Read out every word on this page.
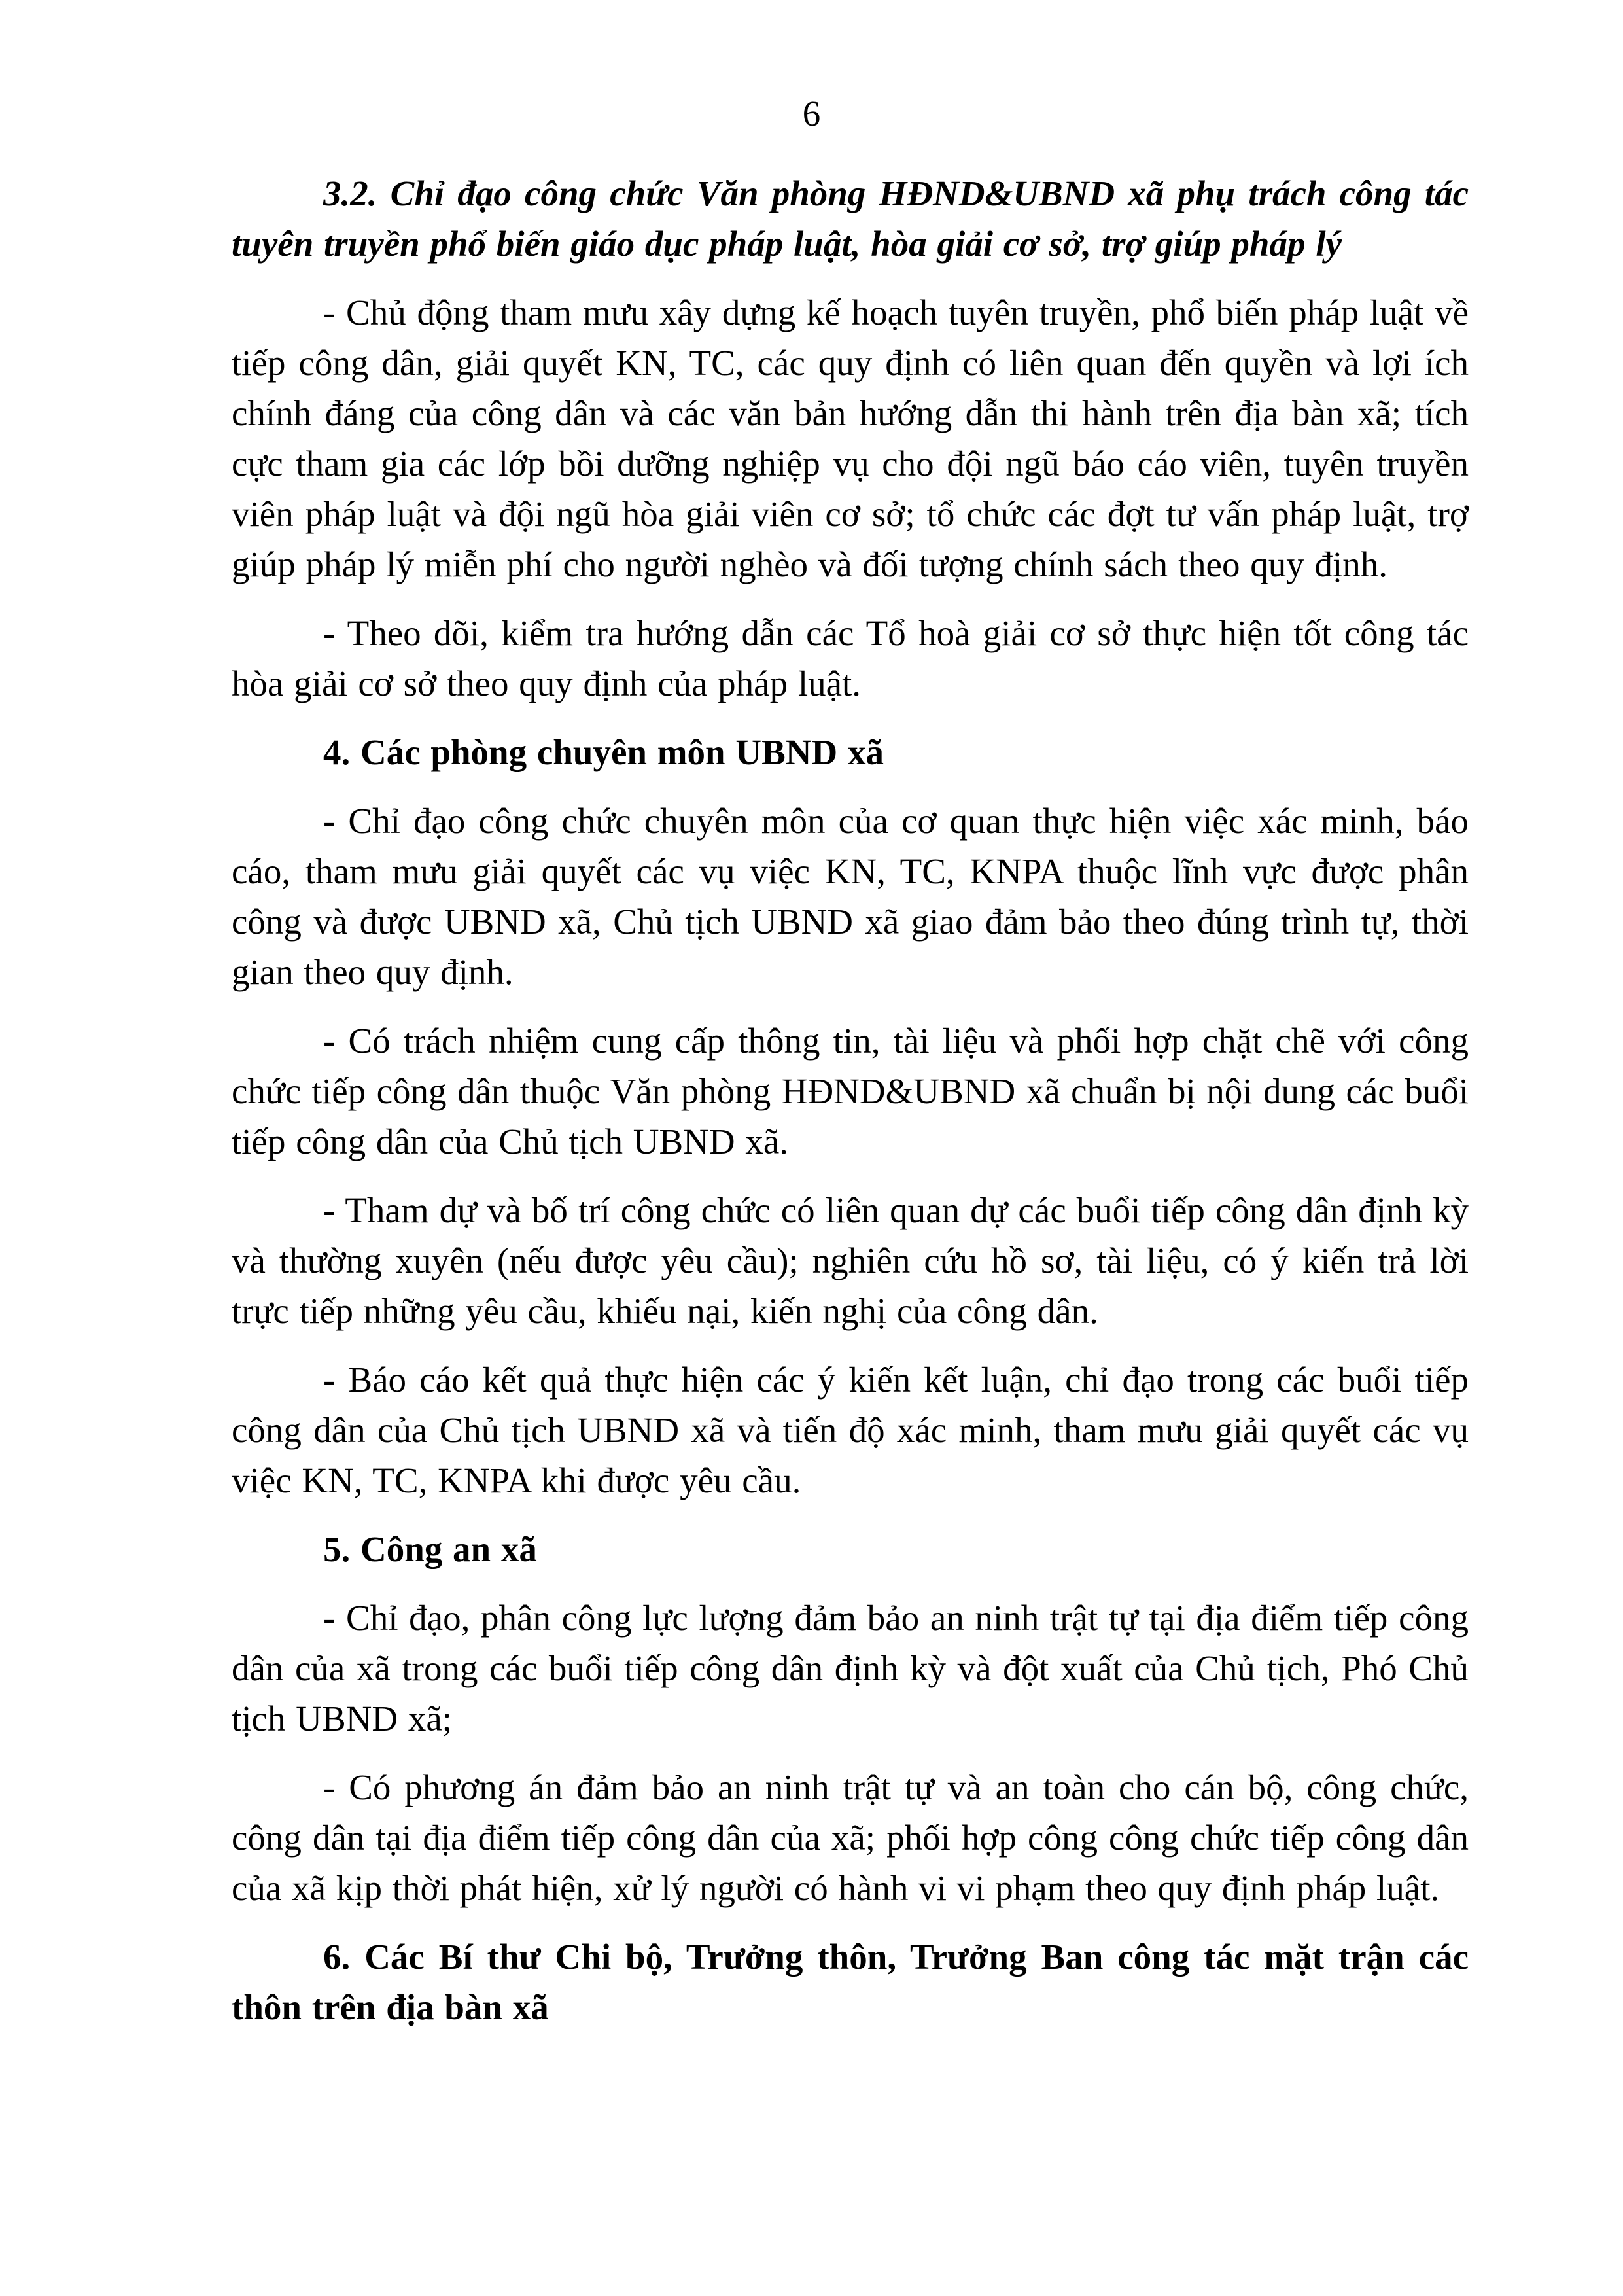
6

3.2. Chỉ đạo công chức Văn phòng HĐND&UBND xã phụ trách công tác tuyên truyền phổ biến giáo dục pháp luật, hòa giải cơ sở, trợ giúp pháp lý

- Chủ động tham mưu xây dựng kế hoạch tuyên truyền, phổ biến pháp luật về tiếp công dân, giải quyết KN, TC, các quy định có liên quan đến quyền và lợi ích chính đáng của công dân và các văn bản hướng dẫn thi hành trên địa bàn xã; tích cực tham gia các lớp bồi dưỡng nghiệp vụ cho đội ngũ báo cáo viên, tuyên truyền viên pháp luật và đội ngũ hòa giải viên cơ sở; tổ chức các đợt tư vấn pháp luật, trợ giúp pháp lý miễn phí cho người nghèo và đối tượng chính sách theo quy định.

- Theo dõi, kiểm tra hướng dẫn các Tổ hoà giải cơ sở thực hiện tốt công tác hòa giải cơ sở theo quy định của pháp luật.

4. Các phòng chuyên môn UBND xã

- Chỉ đạo công chức chuyên môn của cơ quan thực hiện việc xác minh, báo cáo, tham mưu giải quyết các vụ việc KN, TC, KNPA thuộc lĩnh vực được phân công và được UBND xã, Chủ tịch UBND xã giao đảm bảo theo đúng trình tự, thời gian theo quy định.

- Có trách nhiệm cung cấp thông tin, tài liệu và phối hợp chặt chẽ với công chức tiếp công dân thuộc Văn phòng HĐND&UBND xã chuẩn bị nội dung các buổi tiếp công dân của Chủ tịch UBND xã.

- Tham dự và bố trí công chức có liên quan dự các buổi tiếp công dân định kỳ và thường xuyên (nếu được yêu cầu); nghiên cứu hồ sơ, tài liệu, có ý kiến trả lời trực tiếp những yêu cầu, khiếu nại, kiến nghị của công dân.

- Báo cáo kết quả thực hiện các ý kiến kết luận, chỉ đạo trong các buổi tiếp công dân của Chủ tịch UBND xã và tiến độ xác minh, tham mưu giải quyết các vụ việc KN, TC, KNPA khi được yêu cầu.

5. Công an xã

- Chỉ đạo, phân công lực lượng đảm bảo an ninh trật tự tại địa điểm tiếp công dân của xã trong các buổi tiếp công dân định kỳ và đột xuất của Chủ tịch, Phó Chủ tịch UBND xã;

- Có phương án đảm bảo an ninh trật tự và an toàn cho cán bộ, công chức, công dân tại địa điểm tiếp công dân của xã; phối hợp công công chức tiếp công dân của xã kịp thời phát hiện, xử lý người có hành vi vi phạm theo quy định pháp luật.

6. Các Bí thư Chi bộ, Trưởng thôn, Trưởng Ban công tác mặt trận các thôn trên địa bàn xã
